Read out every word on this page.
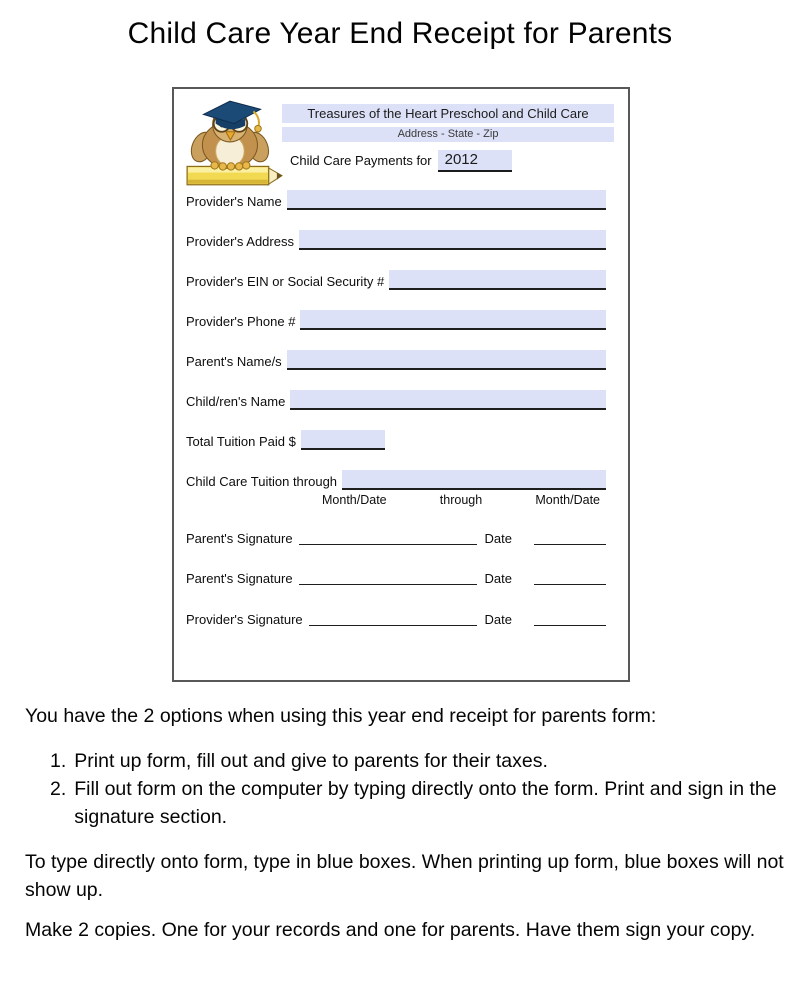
Child Care Year End Receipt for Parents
Treasures of the Heart Preschool and Child Care
Address - State - Zip
Child Care Payments for 2012
Provider's Name
Provider's Address
Provider's EIN or Social Security #
Provider's Phone #
Parent's Name/s
Child/ren's Name
Total Tuition Paid $
Child Care Tuition through
Month/Date	through	Month/Date
Parent's Signature	Date
Parent's Signature	Date
Provider's Signature	Date

You have the 2 options when using this year end receipt for parents form:

1. Print up form, fill out and give to parents for their taxes.
2. Fill out form on the computer by typing directly onto the form. Print and sign in the signature section.

To type directly onto form, type in blue boxes. When printing up form, blue boxes will not show up.

Make 2 copies. One for your records and one for parents. Have them sign your copy.
